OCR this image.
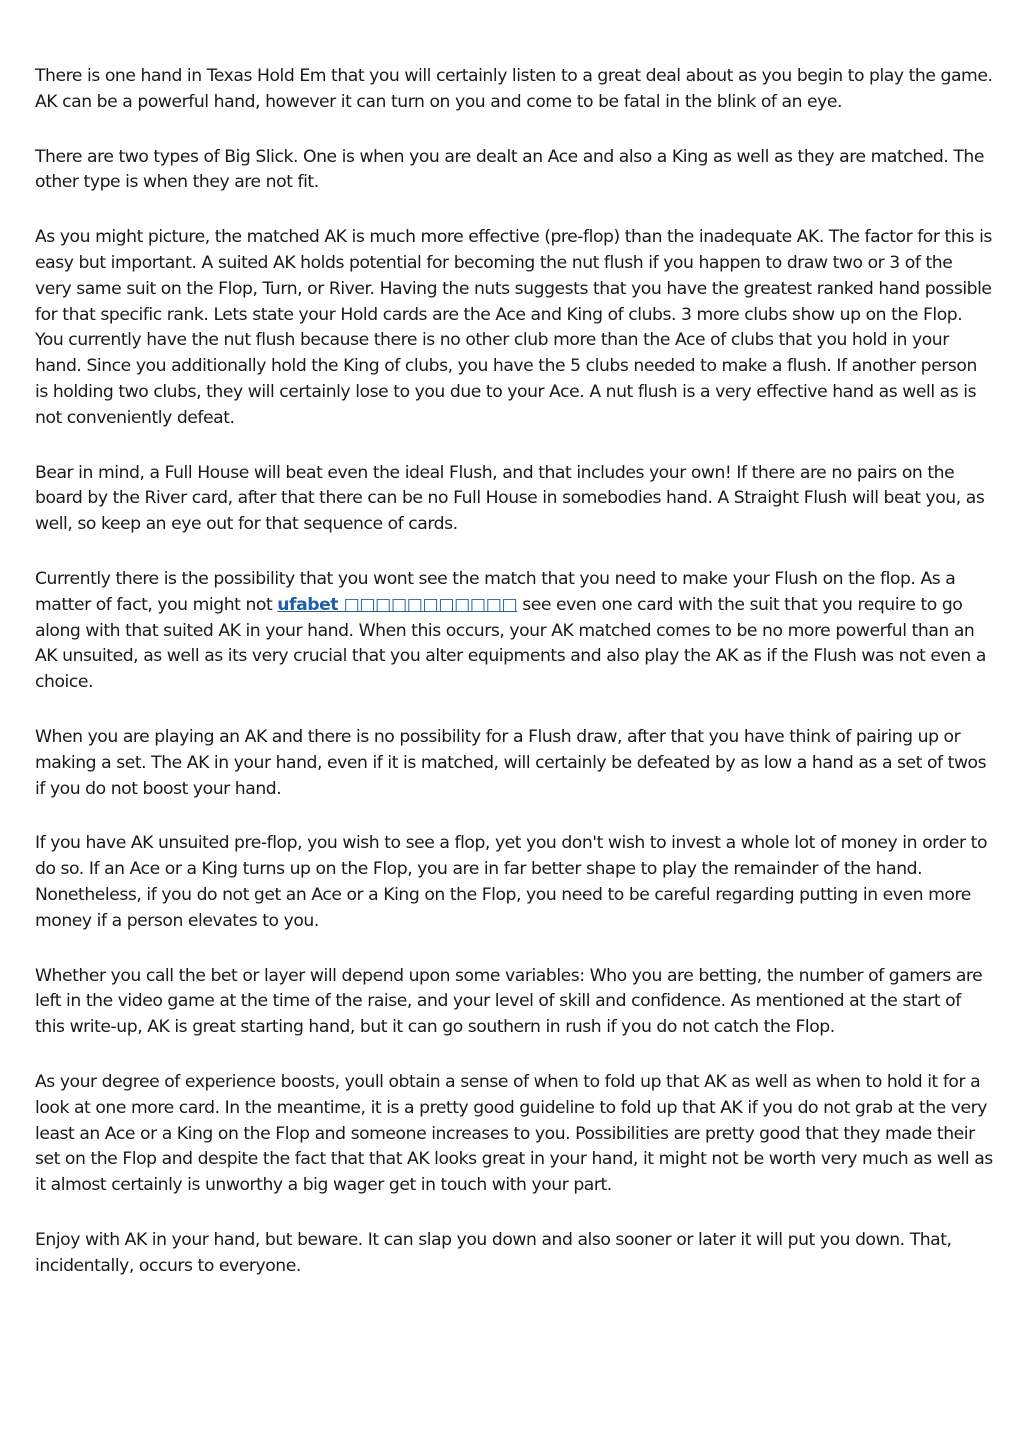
There is one hand in Texas Hold Em that you will certainly listen to a great deal about as you begin to play the game. AK can be a powerful hand, however it can turn on you and come to be fatal in the blink of an eye.

There are two types of Big Slick. One is when you are dealt an Ace and also a King as well as they are matched. The other type is when they are not fit.

As you might picture, the matched AK is much more effective (pre-flop) than the inadequate AK. The factor for this is easy but important. A suited AK holds potential for becoming the nut flush if you happen to draw two or 3 of the very same suit on the Flop, Turn, or River. Having the nuts suggests that you have the greatest ranked hand possible for that specific rank. Lets state your Hold cards are the Ace and King of clubs. 3 more clubs show up on the Flop. You currently have the nut flush because there is no other club more than the Ace of clubs that you hold in your hand. Since you additionally hold the King of clubs, you have the 5 clubs needed to make a flush. If another person is holding two clubs, they will certainly lose to you due to your Ace. A nut flush is a very effective hand as well as is not conveniently defeat.

Bear in mind, a Full House will beat even the ideal Flush, and that includes your own! If there are no pairs on the board by the River card, after that there can be no Full House in somebodies hand. A Straight Flush will beat you, as well, so keep an eye out for that sequence of cards.

Currently there is the possibility that you wont see the match that you need to make your Flush on the flop. As a matter of fact, you might not ufabet □□□□□□□□□□□ see even one card with the suit that you require to go along with that suited AK in your hand. When this occurs, your AK matched comes to be no more powerful than an AK unsuited, as well as its very crucial that you alter equipments and also play the AK as if the Flush was not even a choice.

When you are playing an AK and there is no possibility for a Flush draw, after that you have think of pairing up or making a set. The AK in your hand, even if it is matched, will certainly be defeated by as low a hand as a set of twos if you do not boost your hand.

If you have AK unsuited pre-flop, you wish to see a flop, yet you don't wish to invest a whole lot of money in order to do so. If an Ace or a King turns up on the Flop, you are in far better shape to play the remainder of the hand. Nonetheless, if you do not get an Ace or a King on the Flop, you need to be careful regarding putting in even more money if a person elevates to you.

Whether you call the bet or layer will depend upon some variables: Who you are betting, the number of gamers are left in the video game at the time of the raise, and your level of skill and confidence. As mentioned at the start of this write-up, AK is great starting hand, but it can go southern in rush if you do not catch the Flop.

As your degree of experience boosts, youll obtain a sense of when to fold up that AK as well as when to hold it for a look at one more card. In the meantime, it is a pretty good guideline to fold up that AK if you do not grab at the very least an Ace or a King on the Flop and someone increases to you. Possibilities are pretty good that they made their set on the Flop and despite the fact that that AK looks great in your hand, it might not be worth very much as well as it almost certainly is unworthy a big wager get in touch with your part.

Enjoy with AK in your hand, but beware. It can slap you down and also sooner or later it will put you down. That, incidentally, occurs to everyone.
